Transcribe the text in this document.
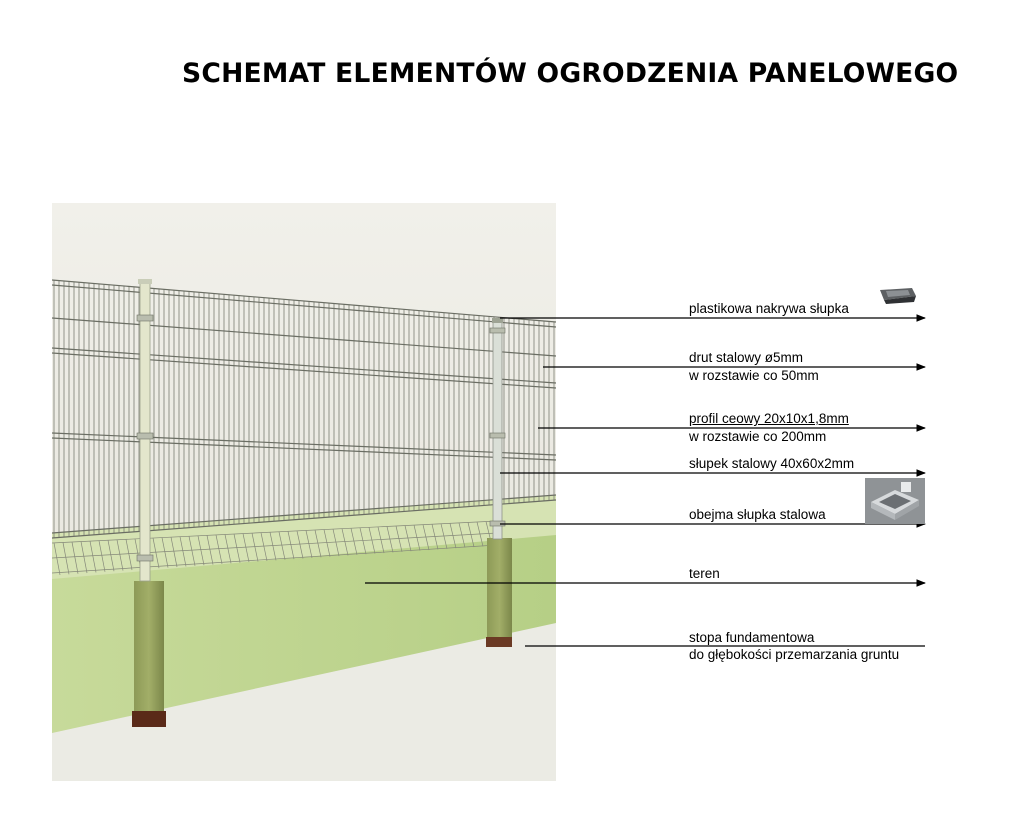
SCHEMAT ELEMENTÓW OGRODZENIA PANELOWEGO
plastikowa nakrywa słupka
drut stalowy ø5mm
w rozstawie co 50mm
profil ceowy 20x10x1,8mm
w rozstawie co 200mm
słupek stalowy 40x60x2mm
obejma słupka stalowa
teren
stopa fundamentowa
do głębokości przemarzania gruntu
